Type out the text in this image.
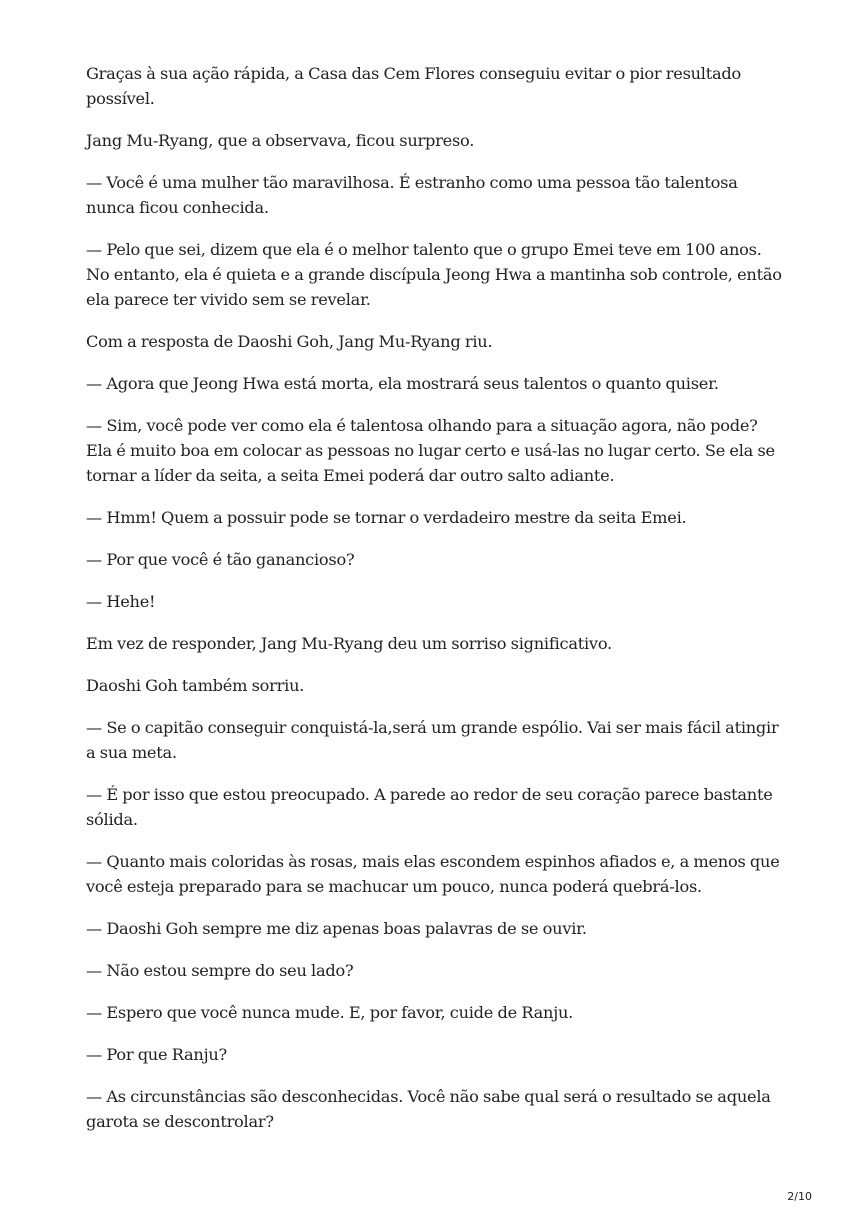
Graças à sua ação rápida, a Casa das Cem Flores conseguiu evitar o pior resultado possível.

Jang Mu-Ryang, que a observava, ficou surpreso.

— Você é uma mulher tão maravilhosa. É estranho como uma pessoa tão talentosa nunca ficou conhecida.

— Pelo que sei, dizem que ela é o melhor talento que o grupo Emei teve em 100 anos. No entanto, ela é quieta e a grande discípula Jeong Hwa a mantinha sob controle, então ela parece ter vivido sem se revelar.

Com a resposta de Daoshi Goh, Jang Mu-Ryang riu.

— Agora que Jeong Hwa está morta, ela mostrará seus talentos o quanto quiser.

— Sim, você pode ver como ela é talentosa olhando para a situação agora, não pode? Ela é muito boa em colocar as pessoas no lugar certo e usá-las no lugar certo. Se ela se tornar a líder da seita, a seita Emei poderá dar outro salto adiante.

— Hmm! Quem a possuir pode se tornar o verdadeiro mestre da seita Emei.

— Por que você é tão ganancioso?

— Hehe!

Em vez de responder, Jang Mu-Ryang deu um sorriso significativo.

Daoshi Goh também sorriu.

— Se o capitão conseguir conquistá-la,será um grande espólio. Vai ser mais fácil atingir a sua meta.

— É por isso que estou preocupado. A parede ao redor de seu coração parece bastante sólida.

— Quanto mais coloridas às rosas, mais elas escondem espinhos afiados e, a menos que você esteja preparado para se machucar um pouco, nunca poderá quebrá-los.

— Daoshi Goh sempre me diz apenas boas palavras de se ouvir.

— Não estou sempre do seu lado?

— Espero que você nunca mude. E, por favor, cuide de Ranju.

— Por que Ranju?

— As circunstâncias são desconhecidas. Você não sabe qual será o resultado se aquela garota se descontrolar?

2/10
